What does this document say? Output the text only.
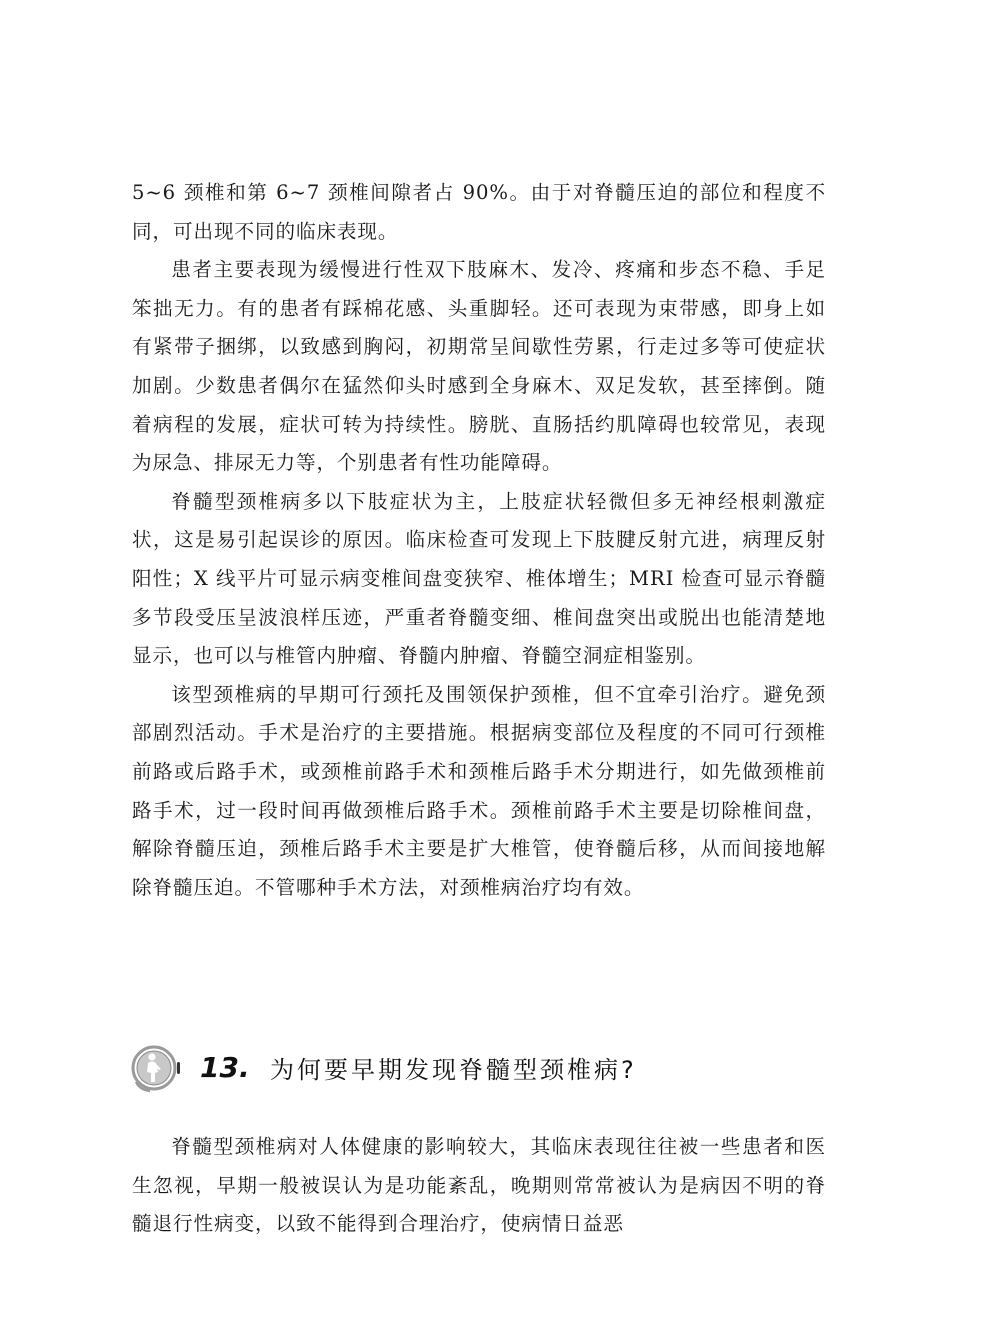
5~6 颈椎和第 6~7 颈椎间隙者占 90%。由于对脊髓压迫的部位和程度不同，可出现不同的临床表现。

患者主要表现为缓慢进行性双下肢麻木、发冷、疼痛和步态不稳、手足笨拙无力。有的患者有踩棉花感、头重脚轻。还可表现为束带感，即身上如有紧带子捆绑，以致感到胸闷，初期常呈间歇性劳累，行走过多等可使症状加剧。少数患者偶尔在猛然仰头时感到全身麻木、双足发软，甚至摔倒。随着病程的发展，症状可转为持续性。膀胱、直肠括约肌障碍也较常见，表现为尿急、排尿无力等，个别患者有性功能障碍。

脊髓型颈椎病多以下肢症状为主，上肢症状轻微但多无神经根刺激症状，这是易引起误诊的原因。临床检查可发现上下肢腱反射亢进，病理反射阳性；X 线平片可显示病变椎间盘变狭窄、椎体增生；MRI 检查可显示脊髓多节段受压呈波浪样压迹，严重者脊髓变细、椎间盘突出或脱出也能清楚地显示，也可以与椎管内肿瘤、脊髓内肿瘤、脊髓空洞症相鉴别。

该型颈椎病的早期可行颈托及围领保护颈椎，但不宜牵引治疗。避免颈部剧烈活动。手术是治疗的主要措施。根据病变部位及程度的不同可行颈椎前路或后路手术，或颈椎前路手术和颈椎后路手术分期进行，如先做颈椎前路手术，过一段时间再做颈椎后路手术。颈椎前路手术主要是切除椎间盘，解除脊髓压迫，颈椎后路手术主要是扩大椎管，使脊髓后移，从而间接地解除脊髓压迫。不管哪种手术方法，对颈椎病治疗均有效。

13. 为何要早期发现脊髓型颈椎病?

脊髓型颈椎病对人体健康的影响较大，其临床表现往往被一些患者和医生忽视，早期一般被误认为是功能紊乱，晚期则常常被认为是病因不明的脊髓退行性病变，以致不能得到合理治疗，使病情日益恶
